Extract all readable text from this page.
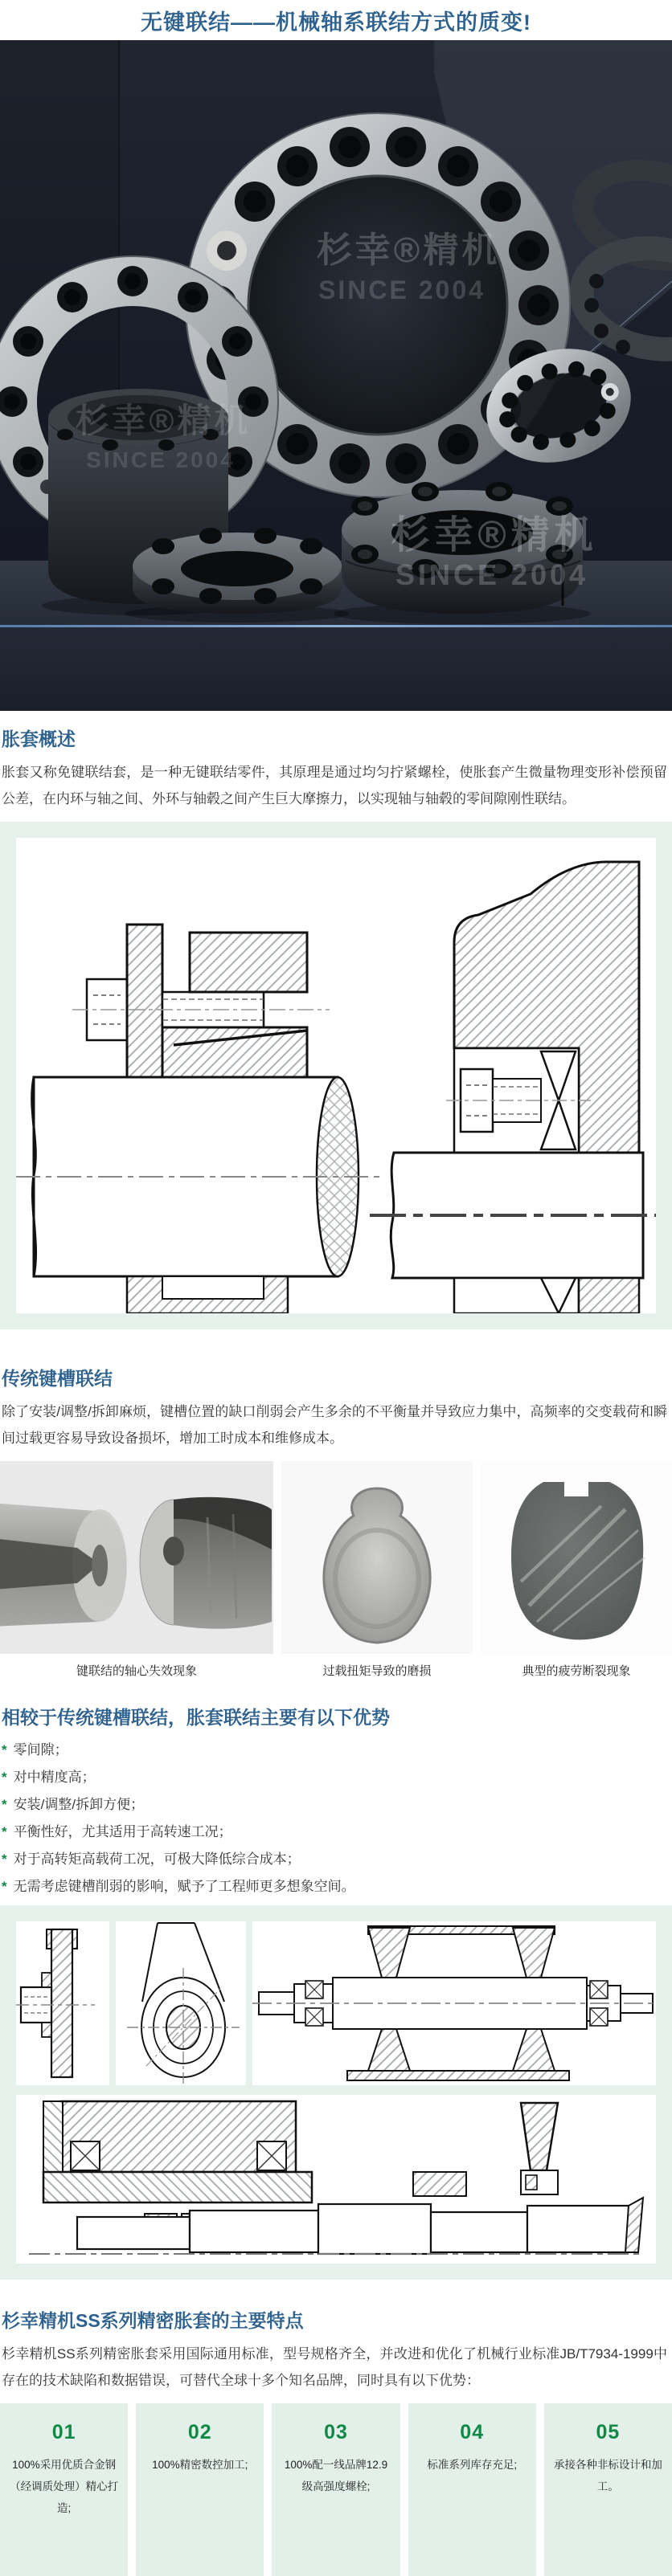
无键联结——机械轴系联结方式的质变!
杉幸®精机
SINCE 2004
杉幸®精机
SINCE 2004
杉幸®精机
SINCE 2004
胀套概述

胀套又称免键联结套，是一种无键联结零件，其原理是通过均匀拧紧螺栓，使胀套产生微量物理变形补偿预留公差，在内环与轴之间、外环与轴毂之间产生巨大摩擦力，以实现轴与轴毂的零间隙刚性联结。

传统键槽联结

除了安装/调整/拆卸麻烦，键槽位置的缺口削弱会产生多余的不平衡量并导致应力集中，高频率的交变载荷和瞬间过载更容易导致设备损坏，增加工时成本和维修成本。

键联结的轴心失效现象	过载扭矩导致的磨损	典型的疲劳断裂现象
相较于传统键槽联结，胀套联结主要有以下优势
* 零间隙；
* 对中精度高；
* 安装/调整/拆卸方便；
* 平衡性好，尤其适用于高转速工况；
* 对于高转矩高载荷工况，可极大降低综合成本；
* 无需考虑键槽削弱的影响，赋予了工程师更多想象空间。
杉幸精机SS系列精密胀套的主要特点

杉幸精机SS系列精密胀套采用国际通用标准，型号规格齐全，并改进和优化了机械行业标准JB/T7934-1999中存在的技术缺陷和数据错误，可替代全球十多个知名品牌，同时具有以下优势：

01
100%采用优质合金钢（经调质处理）精心打造;
02
100%精密数控加工;
03
100%配一线品牌12.9级高强度螺栓;
04
标准系列库存充足;
05
承接各种非标设计和加工。
